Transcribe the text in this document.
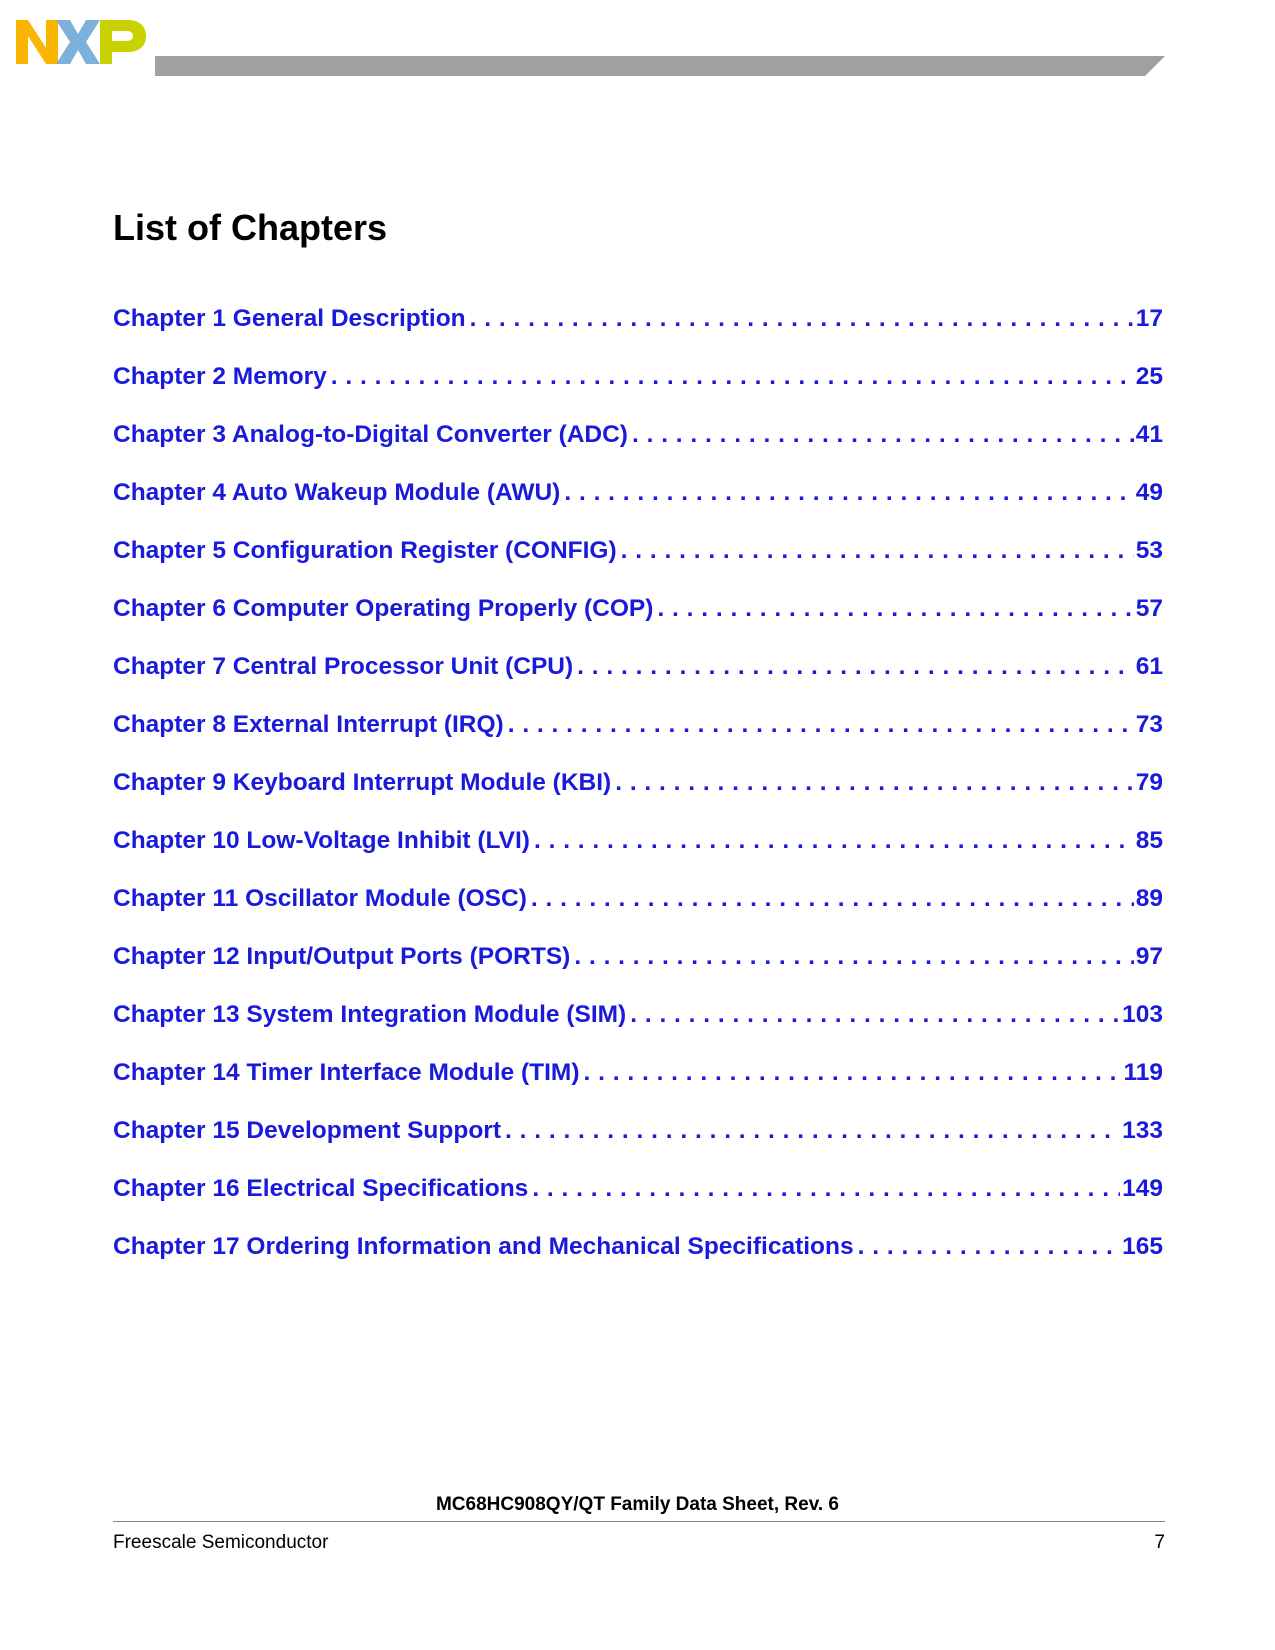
List of Chapters
Chapter 1 General Description . . .	17
Chapter 2 Memory . . .	25
Chapter 3 Analog-to-Digital Converter (ADC) . . .	41
Chapter 4 Auto Wakeup Module (AWU) . . .	49
Chapter 5 Configuration Register (CONFIG) . . .	53
Chapter 6 Computer Operating Properly (COP) . . .	57
Chapter 7 Central Processor Unit (CPU) . . .	61
Chapter 8 External Interrupt (IRQ) . . .	73
Chapter 9 Keyboard Interrupt Module (KBI) . . .	79
Chapter 10 Low-Voltage Inhibit (LVI) . . .	85
Chapter 11 Oscillator Module (OSC) . . .	89
Chapter 12 Input/Output Ports (PORTS) . . .	97
Chapter 13 System Integration Module (SIM) . . .	103
Chapter 14 Timer Interface Module (TIM) . . .	119
Chapter 15 Development Support . . .	133
Chapter 16 Electrical Specifications . . .	149
Chapter 17 Ordering Information and Mechanical Specifications . . .	165
MC68HC908QY/QT Family Data Sheet, Rev. 6
Freescale Semiconductor	7
